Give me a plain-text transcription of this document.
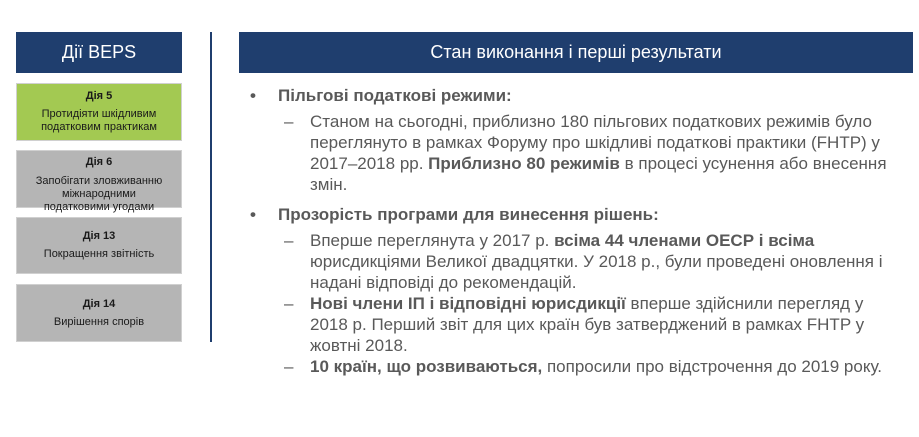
Дії BEPS
Дія 5
Протидіяти шкідливим
податковим практикам
Дія 6
Запобігати зловживанню
міжнародними
податковими угодами
Дія 13
Покращення звітність
Дія 14
Вирішення спорів
Стан виконання і перші результати
• Пільгові податкові режими:
– Станом на сьогодні, приблизно 180 пільгових податкових режимів було переглянуто в рамках Форуму про шкідливі податкові практики (FHTP) у 2017–2018 рр. Приблизно 80 режимів в процесі усунення або внесення змін.
• Прозорість програми для винесення рішень:
– Вперше переглянута у 2017 р. всіма 44 членами ОЕСР і всіма юрисдикціями Великої двадцятки. У 2018 р., були проведені оновлення і надані відповіді до рекомендацій.
– Нові члени ІП і відповідні юрисдикції вперше здійснили перегляд у 2018 р. Перший звіт для цих країн був затверджений в рамках FHTP у жовтні 2018.
– 10 країн, що розвиваються, попросили про відстрочення до 2019 року.
